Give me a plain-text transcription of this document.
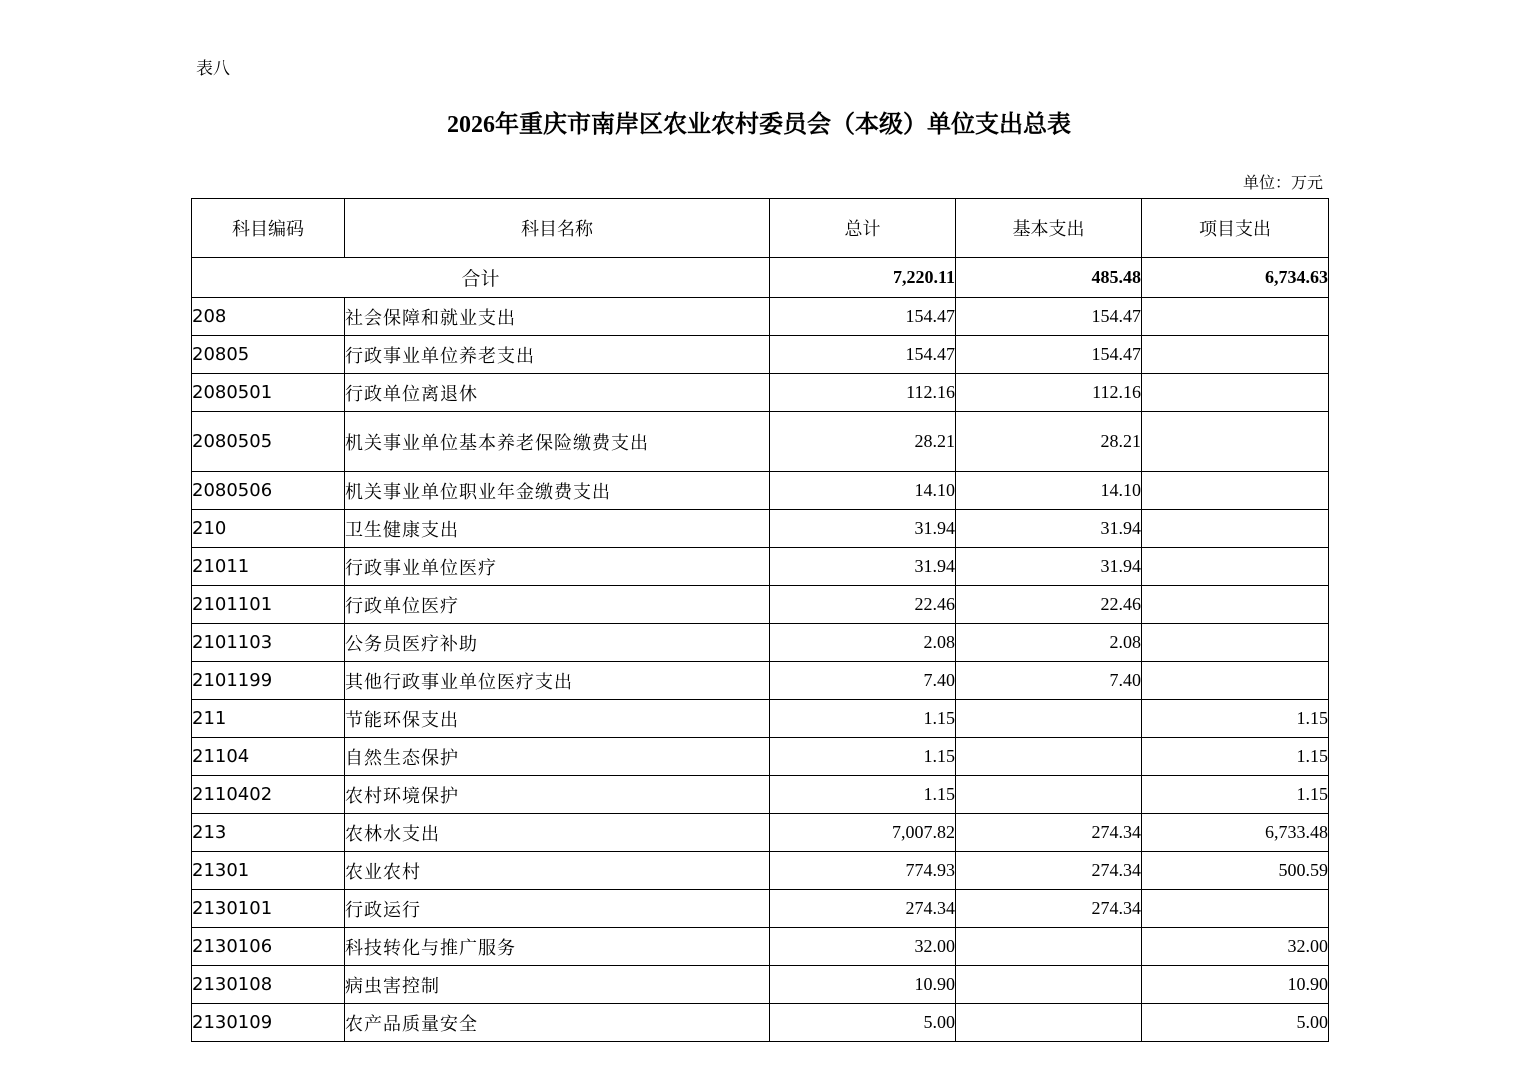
表八
2026年重庆市南岸区农业农村委员会（本级）单位支出总表
单位：万元
科目编码	科目名称	总计	基本支出	项目支出
合计		7,220.11	485.48	6,734.63
208	社会保障和就业支出	154.47	154.47	
20805	行政事业单位养老支出	154.47	154.47	
2080501	行政单位离退休	112.16	112.16	
2080505	机关事业单位基本养老保险缴费支出	28.21	28.21	
2080506	机关事业单位职业年金缴费支出	14.10	14.10	
210	卫生健康支出	31.94	31.94	
21011	行政事业单位医疗	31.94	31.94	
2101101	行政单位医疗	22.46	22.46	
2101103	公务员医疗补助	2.08	2.08	
2101199	其他行政事业单位医疗支出	7.40	7.40	
211	节能环保支出	1.15		1.15
21104	自然生态保护	1.15		1.15
2110402	农村环境保护	1.15		1.15
213	农林水支出	7,007.82	274.34	6,733.48
21301	农业农村	774.93	274.34	500.59
2130101	行政运行	274.34	274.34	
2130106	科技转化与推广服务	32.00		32.00
2130108	病虫害控制	10.90		10.90
2130109	农产品质量安全	5.00		5.00
